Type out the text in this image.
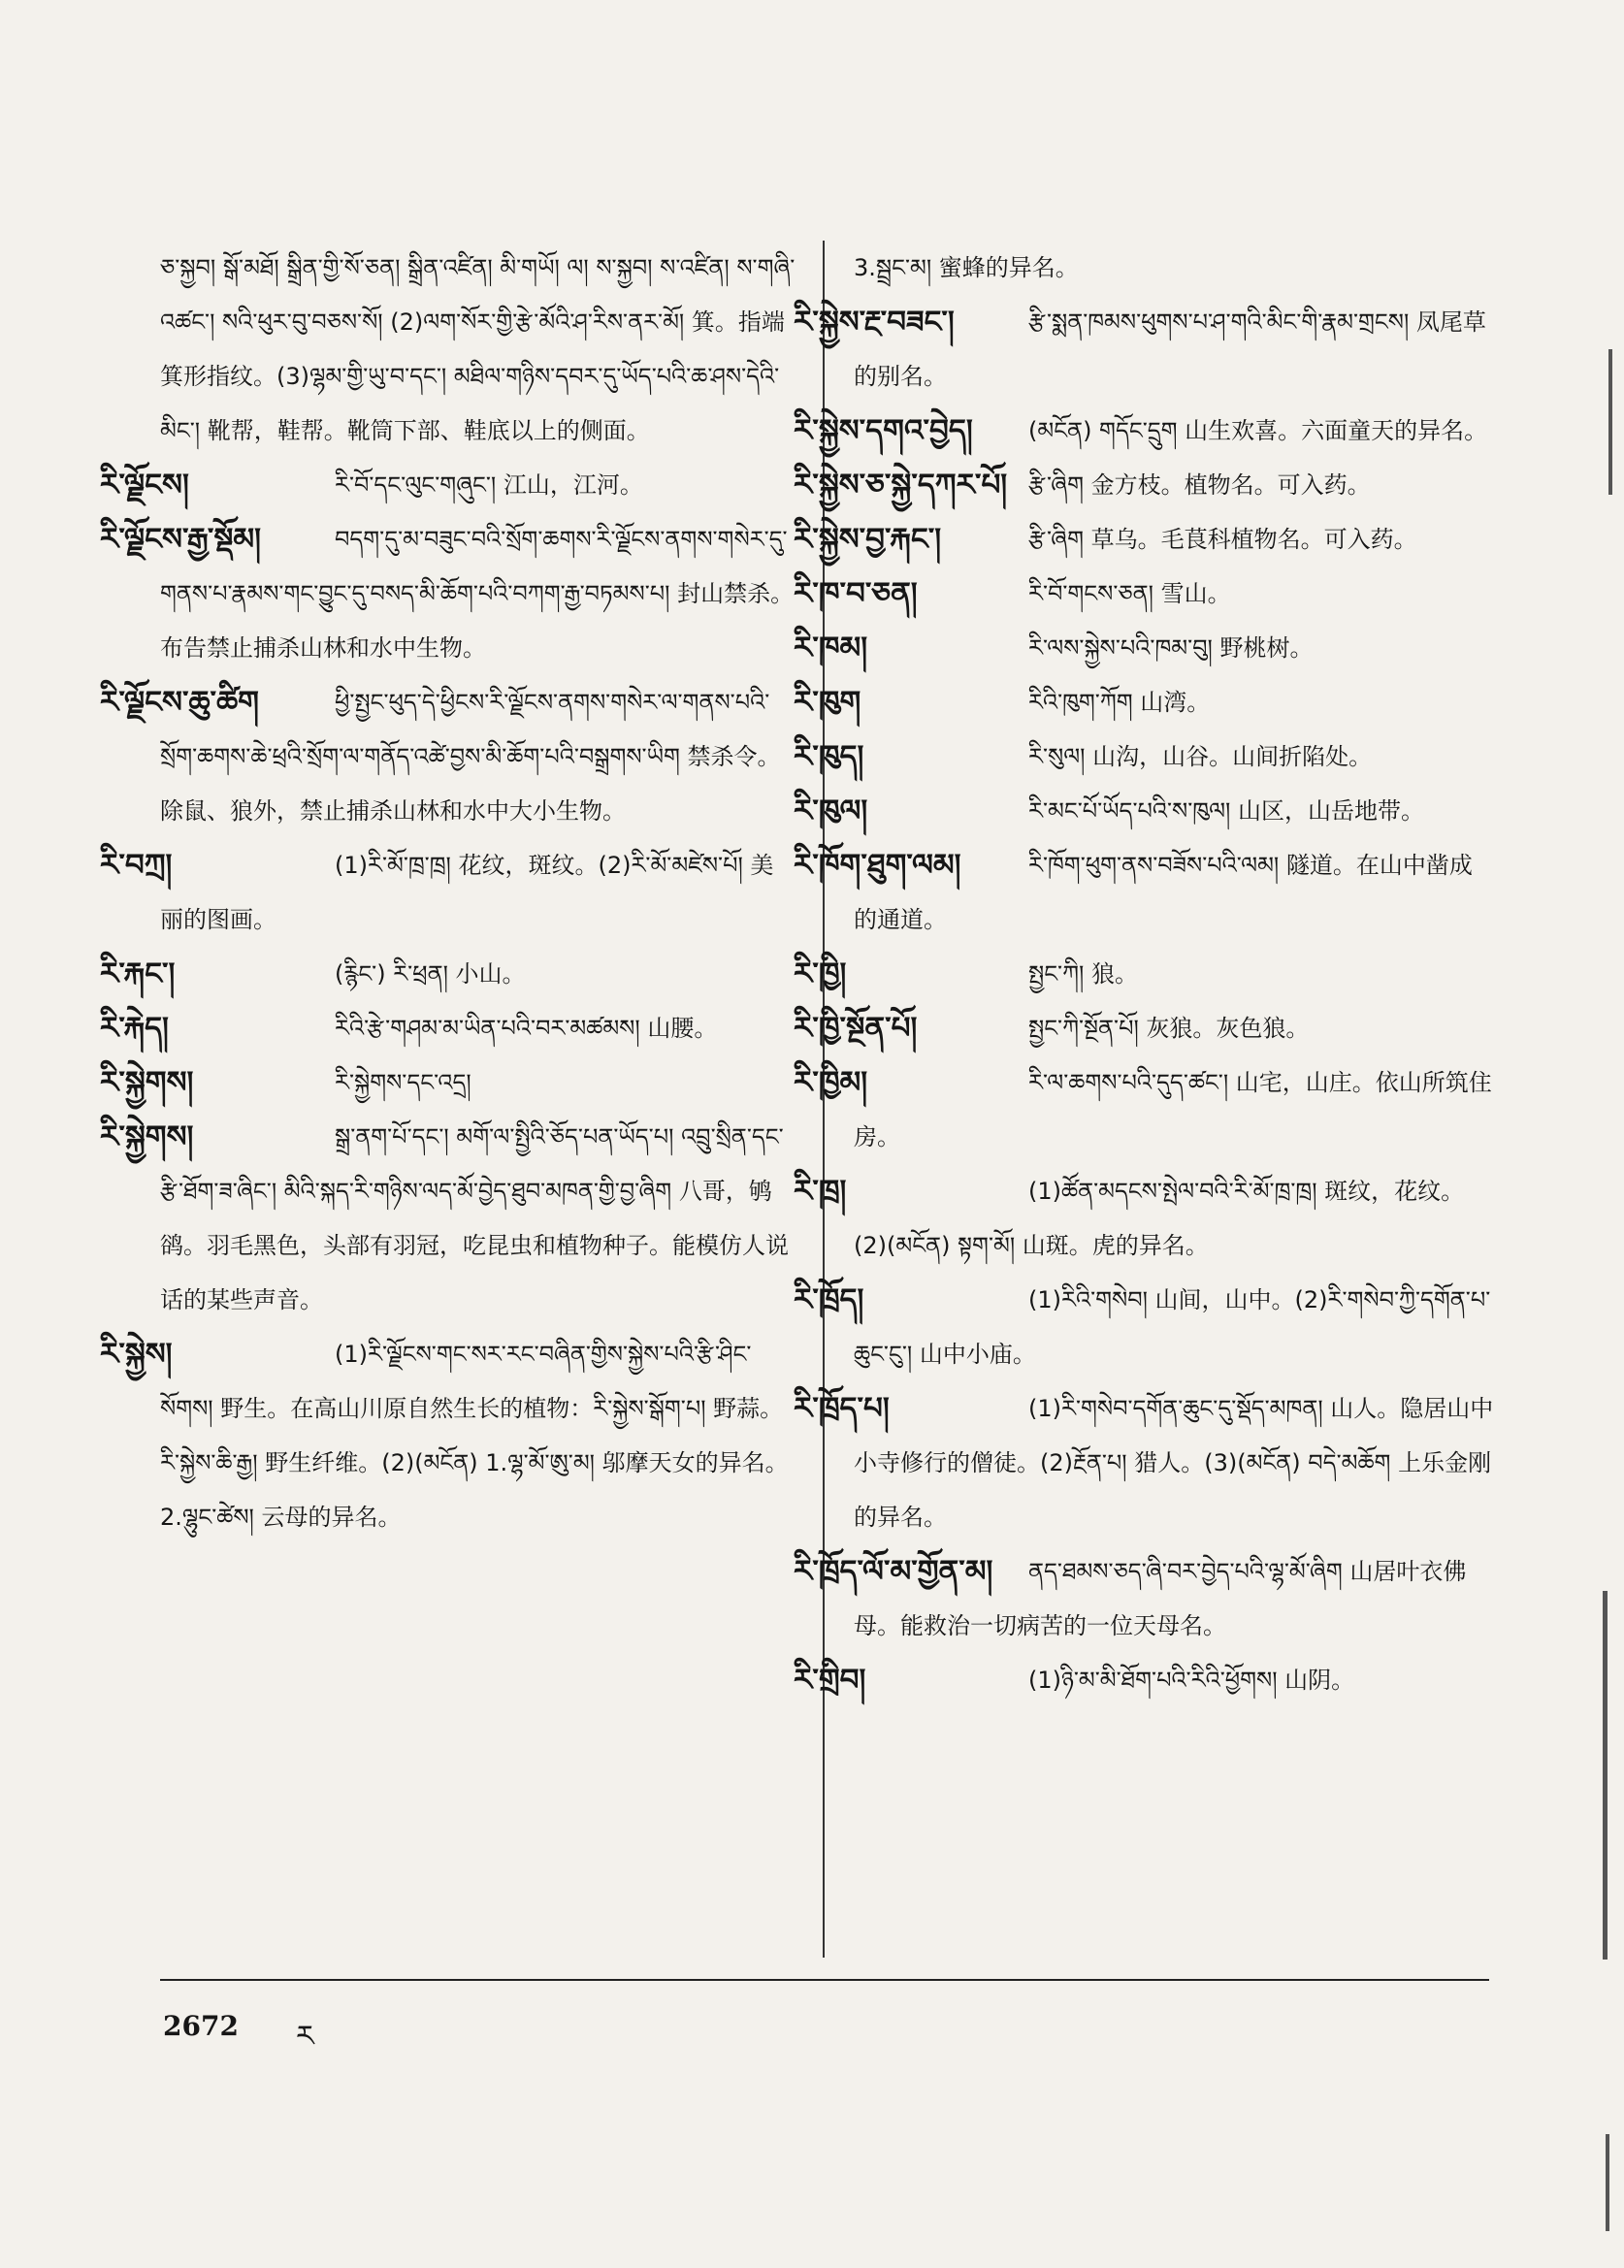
ཅ་སྐྱབ། སྒོ་མཐོ། སྒྲིན་གྱི་སོ་ཅན། སྒྲིན་འཛིན། མི་གཡོ། ལ། ས་སྐྱབ། ས་འཛིན། ས་གཞི་འཚང་། སའི་ཕུར་བུ་བཅས་སོ། (2)ལག་སོར་གྱི་རྩེ་མོའི་ཤ་རིས་ནར་མོ། 箕。指端箕形指纹。(3)ལྷམ་གྱི་ཡུ་བ་དང་། མཐིལ་གཉིས་དབར་དུ་ཡོད་པའི་ཆ་ཤས་དེའི་མིང་། 靴帮，鞋帮。靴筒下部、鞋底以上的侧面。
རི་ལྗོངས།	རི་བོ་དང་ལུང་གཞུང་། 江山，江河。
རི་ལྗོངས་རྒྱ་སྡོམ།	བདག་དུ་མ་བཟུང་བའི་སྲོག་ཆགས་རི་ལྗོངས་ནགས་གསེར་དུ་གནས་པ་རྣམས་གང་བྱུང་དུ་བསད་མི་ཆོག་པའི་བཀག་རྒྱ་བཏམས་པ། 封山禁杀。布告禁止捕杀山林和水中生物。
རི་ལྗོངས་ཆུ་ཚིག	ཕྱི་སྤྱང་ཕུད་དེ་ཕྱིངས་རི་ལྗོངས་ནགས་གསེར་ལ་གནས་པའི་སྲོག་ཆགས་ཆེ་ཕྲའི་སྲོག་ལ་གནོད་འཚེ་བྱས་མི་ཆོག་པའི་བསྒྲགས་ཡིག 禁杀令。除鼠、狼外，禁止捕杀山林和水中大小生物。
རི་བཀྲ།	(1)རི་མོ་ཁྲ་ཁྲ། 花纹，斑纹。(2)རི་མོ་མཛེས་པོ། 美丽的图画。
རི་རྐང་།	(རྙིང་) རི་ཕྲན། 小山。
རི་རྐེད།	རིའི་རྩེ་གཤམ་མ་ཡིན་པའི་བར་མཚམས། 山腰。
རི་སྐྱེགས།	རི་སྐྱེགས་དང་འདྲ།
རི་སྐྱེགས།	སྒྲ་ནག་པོ་དང་། མགོ་ལ་སྤྱིའི་ཅོད་པན་ཡོད་པ། འབྲུ་སྲིན་དང་རྩི་ཐོག་ཟ་ཞིང་། མིའི་སྐད་རི་གཉིས་ལད་མོ་བྱེད་ཐུབ་མཁན་གྱི་བྱ་ཞིག 八哥，鸲鹆。羽毛黑色，头部有羽冠，吃昆虫和植物种子。能模仿人说话的某些声音。
རི་སྐྱེས།	(1)རི་ལྗོངས་གང་སར་རང་བཞིན་གྱིས་སྐྱེས་པའི་རྩི་ཤིང་སོགས། 野生。在高山川原自然生长的植物：རི་སྐྱེས་སྒོག་པ། 野蒜。རི་སྐྱེས་ཆི་རྒྱ། 野生纤维。(2)(མངོན) 1.ལྷ་མོ་ཨུ་མ། 邬摩天女的异名。2.ལྷུང་ཚེས། 云母的异名。
3.སྦྲང་མ། 蜜蜂的异名。
རི་སྐྱེས་རྔ་བཟང་།	རྩི་སྨན་ཁམས་ཕུགས་པ་ཤ་གའི་མིང་གི་རྣམ་གྲངས། 凤尾草的别名。
རི་སྐྱེས་དགའ་བྱེད།	(མངོན) གདོང་དྲུག 山生欢喜。六面童天的异名。
རི་སྐྱེས་ཅ་སྐྱེ་དཀར་པོ། རྩི་ཞིག 金方枝。植物名。可入药。
རི་སྐྱེས་བྱ་རྐང་།	རྩི་ཞིག 草乌。毛茛科植物名。可入药。
རི་ཁ་བ་ཅན།	རི་བོ་གངས་ཅན། 雪山。
རི་ཁམ།	རི་ལས་སྐྱེས་པའི་ཁམ་བུ། 野桃树。
རི་ཁུག	རིའི་ཁུག་ཀོག 山湾。
རི་ཁུད།	རི་སུལ། 山沟，山谷。山间折陷处。
རི་ཁུལ།	རི་མང་པོ་ཡོད་པའི་ས་ཁུལ། 山区，山岳地带。
རི་ཁོག་ཐུག་ལམ།	རི་ཁོག་ཕུག་ནས་བཟོས་པའི་ལམ། 隧道。在山中凿成的通道。
རི་ཁྱི།	སྤྱང་ཀི། 狼。
རི་ཁྱི་སྔོན་པོ།	སྤྱང་ཀི་སྔོན་པོ། 灰狼。灰色狼。
རི་ཁྱིམ།	རི་ལ་ཆགས་པའི་དུད་ཚང་། 山宅，山庄。依山所筑住房。
རི་ཁྲ།	(1)ཚོན་མདངས་སྤེལ་བའི་རི་མོ་ཁྲ་ཁྲ། 斑纹，花纹。(2)(མངོན) སྟག་མོ། 山斑。虎的异名。
རི་ཁྲོད།	(1)རིའི་གསེབ། 山间，山中。(2)རི་གསེབ་ཀྱི་དགོན་པ་ཆུང་ངུ་། 山中小庙。
རི་ཁྲོད་པ།	(1)རི་གསེབ་དགོན་ཆུང་དུ་སྡོད་མཁན། 山人。隐居山中小寺修行的僧徒。(2)རྔོན་པ། 猎人。(3)(མངོན) བདེ་མཆོག 上乐金刚的异名。
རི་ཁྲོད་ལོ་མ་གྱོན་མ།	ནད་ཐམས་ཅད་ཞི་བར་བྱེད་པའི་ལྷ་མོ་ཞིག 山居叶衣佛母。能救治一切病苦的一位天母名。
རི་གྲིབ།	(1)ཉི་མ་མི་ཐོག་པའི་རིའི་ཕྱོགས། 山阴。
2672 ར
